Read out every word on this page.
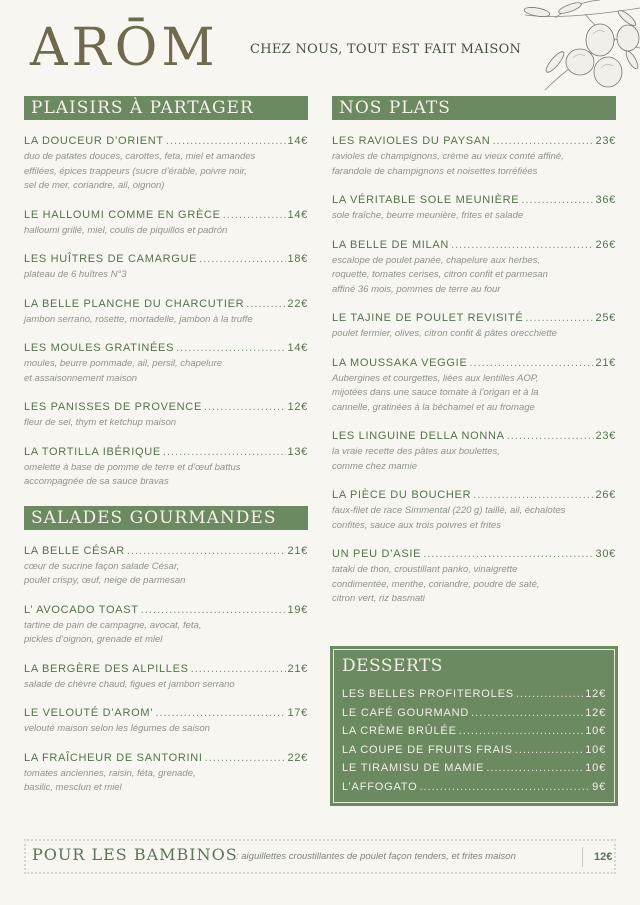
ARŌM CHEZ NOUS, TOUT EST FAIT MAISON
PLAISIRS À PARTAGER
LA DOUCEUR D’ORIENT .....	14€
duo de patates douces, carottes, feta, miel et amandes
effilées, épices trappeurs (sucre d’érable, poivre noir,
sel de mer, coriandre, ail, oignon)
LE HALLOUMI COMME EN GRÈCE .....	14€
halloumi grillé, miel, coulis de piquillos et padrón
LES HUÎTRES DE CAMARGUE .....	18€
plateau de 6 huîtres N°3
LA BELLE PLANCHE DU CHARCUTIER .....	22€
jambon serrano, rosette, mortadelle, jambon à la truffe
LES MOULES GRATINÉES .....	14€
moules, beurre pommade, ail, persil, chapelure
et assaisonnement maison
LES PANISSES DE PROVENCE .....	12€
fleur de sel, thym et ketchup maison
LA TORTILLA IBÉRIQUE .....	13€
omelette à base de pomme de terre et d’œuf battus
accompagnée de sa sauce bravas
SALADES GOURMANDES
LA BELLE CÉSAR .....	21€
cœur de sucrine façon salade César,
poulet crispy, œuf, neige de parmesan
L’ AVOCADO TOAST .....	19€
tartine de pain de campagne, avocat, feta,
pickles d’oignon, grenade et miel
LA BERGÈRE DES ALPILLES .....	21€
salade de chèvre chaud, figues et jambon serrano
LE VELOUTÉ D’AROM’ .....	17€
velouté maison selon les légumes de saison
LA FRAÎCHEUR DE SANTORINI .....	22€
tomates anciennes, raisin, féta, grenade,
basilic, mesclun et miel
NOS PLATS
LES RAVIOLES DU PAYSAN .....	23€
ravioles de champignons, crème au vieux comté affiné,
farandole de champignons et noisettes torréfiées
LA VÉRITABLE SOLE MEUNIÈRE .....	36€
sole fraîche, beurre meunière, frites et salade
LA BELLE DE MILAN .....	26€
escalope de poulet panée, chapelure aux herbes,
roquette, tomates cerises, citron confit et parmesan
affiné 36 mois, pommes de terre au four
LE TAJINE DE POULET REVISITÉ .....	25€
poulet fermier, olives, citron confit & pâtes orecchiette
LA MOUSSAKA VEGGIE .....	21€
Aubergines et courgettes, liées aux lentilles AOP,
mijotées dans une sauce tomate à l’origan et à la
cannelle, gratinées à la béchamel et au fromage
LES LINGUINE DELLA NONNA .....	23€
la vraie recette des pâtes aux boulettes,
comme chez mamie
LA PIÈCE DU BOUCHER .....	26€
faux-filet de race Simmental (220 g) taillé, ail, échalotes
confites, sauce aux trois poivres et frites
UN PEU D’ASIE .....	30€
tataki de thon, croustillant panko, vinaigrette
condimentée, menthe, coriandre, poudre de saté,
citron vert, riz basmati
DESSERTS
LES BELLES PROFITEROLES .....	12€
LE CAFÉ GOURMAND .....	12€
LA CRÈME BRÛLÉE .....	10€
LA COUPE DE FRUITS FRAIS .....	10€
LE TIRAMISU DE MAMIE .....	10€
L’AFFOGATO .....	9€
POUR LES BAMBINOS
: aiguillettes croustillantes de poulet façon tenders, et frites maison	12€
